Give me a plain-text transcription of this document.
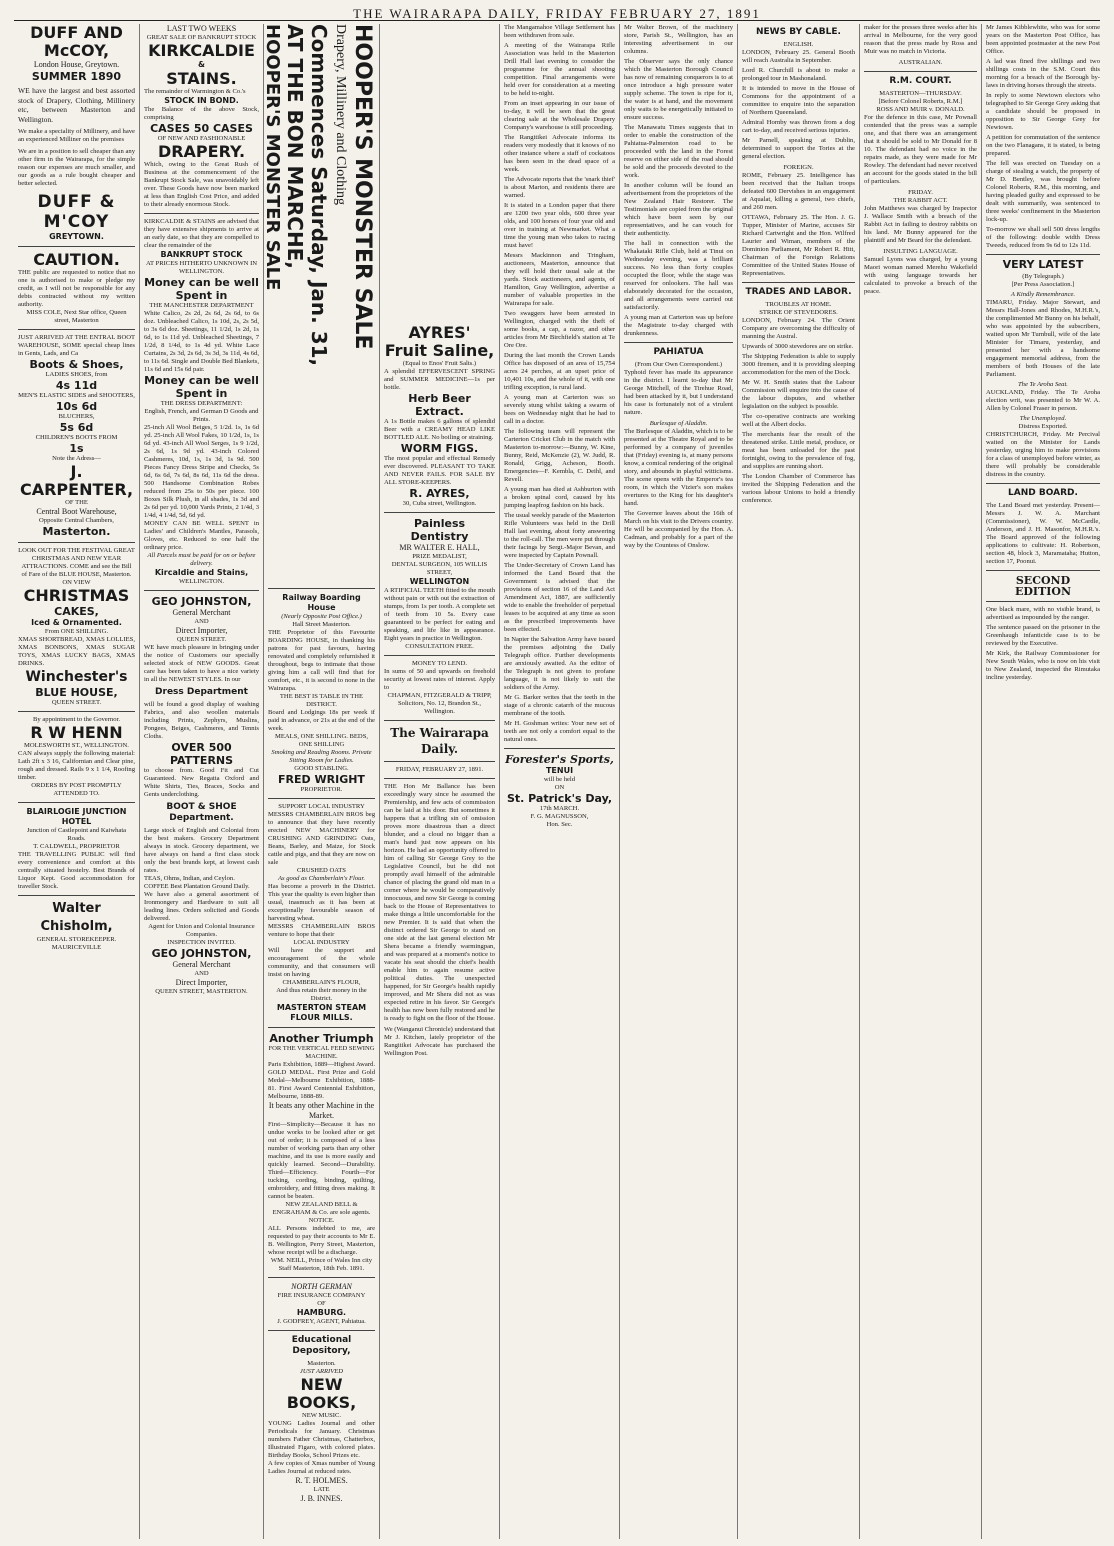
THE WAIRARAPA DAILY, FRIDAY FEBRUARY 27, 1891
DUFF AND McCOY,
London House, Greytown.
SUMMER 1890
WE have the largest and best assorted stock of Drapery, Clothing, Millinery etc, between Masterton and Wellington.
We make a speciality of Millinery, and have an experienced Milliner on the premises
We are in a position to sell cheaper than any other firm in the Wairarapa, for the simple reason our expenses are much smaller, and our goods as a rule bought cheaper and better selected.
DUFF & M'COY
GREYTOWN.
CAUTION.
THE public are requested to notice that no one is authorised to make or pledge my credit, as I will not be responsible for any debts contracted without my written authority.
MISS COLE, Next Star office, Queen street, Masterton
JUST ARRIVED AT THE ENTRAL BOOT WAREHOUSE, SOME special cheap lines in Gents, Lads, and Ca
Boots & Shoes,
LADIES SHOES, from
4s 11d
MEN'S ELASTIC SIDES and SHOOTERS,
10s 6d
BLUCHERS,
5s 6d
CHILDREN'S BOOTS FROM
1s
Note the Adress—
J. CARPENTER,
OF THE
Central Boot Warehouse,
Opposite Central Chambers,
Masterton.
LOOK OUT FOR THE FESTIVAL GREAT CHRISTMAS AND NEW YEAR ATTRACTIONS. COME and see the Bill of Fare of the BLUE HOUSE, Masterton.
ON VIEW
CHRISTMAS
CAKES,
Iced & Ornamented.
From ONE SHILLING.
XMAS SHORTBREAD, XMAS LOLLIES, XMAS BONBONS, XMAS SUGAR TOYS, XMAS LUCKY BAGS, XMAS DRINKS.
Winchester's
BLUE HOUSE,
QUEEN STREET.
By appointment to the Governor.
R W HENN
MOLESWORTH ST., WELLINGTON.
CAN always supply the following material: Lath 2ft x 3 16, Californian and Clear pine, rough and dressed. Rails 9 x 1 1/4, Roofing timber.
ORDERS BY POST PROMPTLY ATTENDED TO.
BLAIRLOGIE JUNCTION HOTEL
Junction of Castlepoint and Kaiwhata Roads.
T. CALDWELL, PROPRIETOR
THE TRAVELLING PUBLIC will find every convenience and comfort at this centrally situated hostelry. Best Brands of Liquor Kept. Good accommodation for traveller Stock.
Walter Chisholm,
GENERAL STOREKEEPER.
MAURICEVILLE
LAST TWO WEEKS
GREAT SALE OF BANKRUPT STOCK
KIRKCALDIE
&
STAINS.
The remainder of Warmington & Co.'s
STOCK IN BOND.
The Balance of the above Stock, comprising
CASES 50 CASES
OF NEW AND FASHIONABLE
DRAPERY.
Which, owing to the Great Rush of Business at the commencement of the Bankrupt Stock Sale, was unavoidably left over. These Goods have now been marked at less than English Cost Price, and added to their already enormous Stock.
KIRKCALDIE & STAINS are advised that they have extensive shipments to arrive at an early date, so that they are compelled to clear the remainder of the
BANKRUPT STOCK
AT PRICES HITHERTO UNKNOWN IN WELLINGTON.
Money can be well Spent in
THE MANCHESTER DEPARTMENT
White Calico, 2s 2d, 2s 6d, 2s 6d, to 6s doz. Unbleached Calico, 1s 10d, 2s, 2s 5d, to 3s 6d doz. Sheetings, 11 1/2d, 1s 2d, 1s 6d, to 1s 11d yd. Unbleached Sheetings, 7 1/2d, 8 1/4d, to 1s 4d yd. White Lace Curtains, 2s 3d, 2s 6d, 3s 3d, 3s 11d, 4s 6d, to 11s 6d. Single and Double Bed Blankets, 11s 6d and 15s 6d pair.
Money can be well Spent in
THE DRESS DEPARTMENT:
English, French, and German D Goods and Prints.
25-inch All Wool Beiges, 5 1/2d. 1s, 1s 6d yd. 25-inch All Wool Fakes, 10 1/2d, 1s, 1s 6d yd. 43-inch All Wool Serges, 1s 9 1/2d, 2s 6d, 1s 9d yd. 43-inch Colored Cashmeres, 10d, 1s, 1s 3d, 1s 9d. 500 Pieces Fancy Dress Stripe and Checks, 5s 6d, 6s 6d, 7s 6d, 8s 6d, 11s 6d the dress. 500 Handsome Combination Robes reduced from 25s to 50s per piece. 100 Boxes Silk Plush, in all shades, 1s 3d and 2s 6d per yd. 10,000 Yards Prints, 2 1/4d, 3 1/4d, 4 1/4d, 5d, 6d yd.
MONEY CAN BE WELL SPENT in Ladies' and Children's Mantles, Parasols, Gloves, etc. Reduced to one half the ordinary price.
All Parcels must be paid for on or before delivery.
Kircaldie and Stains,
WELLINGTON.
GEO JOHNSTON,
General Merchant
AND
Direct Importer,
QUEEN STREET.
WE have much pleasure in bringing under the notice of Customers our specially selected stock of NEW GOODS. Great care has been taken to have a nice variety in all the NEWEST STYLES. In our
Dress Department
will be found a good display of washing Fabrics, and also woollen materials including Prints, Zephyrs, Muslins, Pongees, Beiges, Cashmeres, and Tennis Cloths.
OVER 500 PATTERNS
to choose from. Good Fit and Cut Guaranteed. New Regatta Oxford and White Shirts, Ties, Braces, Socks and Gents underclothing.
BOOT & SHOE Department.
Large stock of English and Colonial from the best makers. Grocery Department always in stock. Grocery department, we have always on hand a first class stock only the best brands kept, at lowest cash rates.
TEAS, Ohms, Indian, and Ceylon.
COFFEE Best Plantation Ground Daily.
We have also a general assortment of Ironmongery and Hardware to suit all leading lines. Orders solicited and Goods delivered.
Agent for Union and Colonial Insurance Companies.
INSPECTION INVITED.
GEO JOHNSTON,
General Merchant
AND
Direct Importer,
QUEEN STREET, MASTERTON.
HOOPER'S MONSTER SALE
Drapery, Millinery and Clothing
Commences Saturday, Jan. 31,
AT THE BON MARCHE,
HOOPER'S MONSTER SALE
Railway Boarding House
(Nearly Opposite Post Office.)
Hall Street Masterton.
THE Proprietor of this Favourite BOARDING HOUSE, in thanking his patrons for past favours, having renovated and completely refurnished it throughout, begs to intimate that those giving him a call will find that for comfort, etc., it is second to none in the Wairarapa.
THE BEST IS TABLE IN THE DISTRICT.
Board and Lodgings 18s per week if paid in advance, or 21s at the end of the week.
MEALS, ONE SHILLING. BEDS, ONE SHILLING
Smoking and Reading Rooms. Private Sitting Room for Ladies.
GOOD STABLING.
FRED WRIGHT
PROPRIETOR.
SUPPORT LOCAL INDUSTRY
MESSRS CHAMBERLAIN BROS beg to announce that they have recently erected NEW MACHINERY for CRUSHING AND GRINDING Oats, Beans, Barley, and Maize, for Stock cattle and pigs, and that they are now on sale
CRUSHED OATS
As good as Chamberlain's Flour.
Has become a proverb in the District. This year the quality is even higher than usual, inasmuch as it has been at exceptionally favourable season of harvesting wheat.
MESSRS CHAMBERLAIN BROS venture to hope that their
LOCAL INDUSTRY
Will have the support and encouragement of the whole community, and that consumers will insist on having
CHAMBERLAIN'S FLOUR,
And thus retain their money in the District.
MASTERTON STEAM
FLOUR MILLS.
Another Triumph
FOR THE VERTICAL FEED SEWING MACHINE.
Paris Exhibition, 1889—Highest Award. GOLD MEDAL. First Prize and Gold Medal—Melbourne Exhibition, 1888-81. First Award Centennial Exhibition, Melbourne, 1888-89.
It beats any other Machine in the Market.
First—Simplicity—Because it has no undue works to be looked after or get out of order; it is composed of a less number of working parts than any other machine, and its use is more easily and quickly learned. Second—Durability. Third—Efficiency. Fourth—For tucking, cording, binding, quilting, embroidery, and fitting drees making. It cannot be beaten.
NEW ZEALAND BELL & ENGRAHAM & Co. are sole agents.
NOTICE.
ALL Persons indebted to me, are requested to pay their accounts to Mr E. B. Wellington, Perry Street, Masterton, whose receipt will be a discharge.
WM. NEILL, Prince of Wales Inn city Staff Masterton, 18th Feb. 1891.
NORTH GERMAN
FIRE INSURANCE COMPANY
OF
HAMBURG.
J. GODFREY, AGENT, Pahiatua.
Educational Depository,
Masterton.
JUST ARRIVED
NEW BOOKS,
NEW MUSIC.
YOUNG Ladies Journal and other Periodicals for January. Christmas numbers Father Christmas, Chatterbox, Illustrated Figaro, with colored plates. Birthday Books, School Prizes etc.
A few copies of Xmas number of Young Ladies Journal at reduced rates.
R. T. HOLMES.
LATE
J. B. INNES.
AYRES'
Fruit Saline,
(Equal to Enos' Fruit Salts.)
A splendid EFFERVESCENT SPRING and SUMMER MEDICINE—1s per bottle.
Herb Beer Extract.
A 1s Bottle makes 6 gallons of splendid Beer with a CREAMY HEAD LIKE BOTTLED ALE. No boiling or straining.
WORM FIGS.
The most popular and effectual Remedy ever discovered. PLEASANT TO TAKE AND NEVER FAILS. FOR SALE BY ALL STORE-KEEPERS.
R. AYRES,
30, Cuba street, Wellington.
Painless Dentistry
MR WALTER E. HALL,
PRIZE MEDALIST,
DENTAL SURGEON, 105 WILLIS STREET,
WELLINGTON
A RTIFICIAL TEETH fitted to the mouth without pain or with out the extraction of stumps, from 1s per tooth. A complete set of teeth from 10 5s. Every case guaranteed to be perfect for eating and speaking, and life like in appearance. Eight years in practice in Wellington.
CONSULTATION FREE.
MONEY TO LEND.
In sums of 50 and upwards on freehold security at lowest rates of interest. Apply to
CHAPMAN, FITZGERALD & TRIPP, Solicitors, No. 12, Brandon St., Wellington.
The Wairarapa Daily.
FRIDAY, FEBRUARY 27, 1891.
THE Hon Mr Ballance has been exceedingly wary since he assumed the Premiership, and few acts of commission can be laid at his door. But sometimes it happens that a trifling sin of omission proves more disastrous than a direct blunder, and a cloud no bigger than a man's hand just now appears on his horizon. He had an opportunity offered to him of calling Sir George Grey to the Legislative Council, but he did not promptly avail himself of the admirable chance of placing the grand old man in a corner where he would be comparatively innocuous, and now Sir George is coming back to the House of Representatives to make things a little uncomfortable for the new Premier. It is said that when the distinct ordered Sir George to stand on one side at the last general election Mr Shera became a friendly warmingpan, and was prepared at a moment's notice to vacate his seat should the chief's health enable him to again resume active political duties. The unexpected happened, for Sir George's health rapidly improved, and Mr Shera did not as was expected retire in his favor. Sir George's health has now been fully restored and he is ready to fight on the floor of the House.
We (Wanganui Chronicle) understand that Mr J. Kitchen, lately proprietor of the Rangitikei Advocate has purchased the Wellington Post.
The Mangamahoe Village Settlement has been withdrawn from sale.
A meeting of the Wairarapa Rifle Association was held in the Masterton Drill Hall last evening to consider the programme for the annual shooting competition. Final arrangements were held over for consideration at a meeting to be held to-night.
From an inset appearing in our issue of to-day, it will be seen that the great clearing sale at the Wholesale Drapery Company's warehouse is still proceeding.
The Rangitikei Advocate informs its readers very modestly that it knows of no other instance where a staff of cockatoos has been seen in the dead space of a week.
The Advocate reports that the 'snark thief' is about Marton, and residents there are warned.
It is stated in a London paper that there are 1200 two year olds, 600 three year olds, and 100 horses of four year old and over in training at Newmarket. What a time the young man who takes to racing must have!
Messrs Mackinnon and Tringham, auctioneers, Masterton, announce that they will hold their usual sale at the yards. Stock auctioneers, and agents, of Hamilton, Gray Wellington, advertise a number of valuable properties in the Wairarapa for sale.
Two swaggers have been arrested in Wellington, charged with the theft of some books, a cap, a razor, and other articles from Mr Birchfield's station at Te Ore Ore.
During the last month the Crown Lands Office has disposed of an area of 15,754 acres 24 perches, at an upset price of 10,401 10s, and the whole of it, with one trifling exception, is rural land.
A young man at Carterton was so severely stung whilst taking a swarm of bees on Wednesday night that he had to call in a doctor.
The following team will represent the Carterton Cricket Club in the match with Masterton to-morrow:—Bunny, W. Kine, Bunny, Reid, McKenzie (2), W. Judd, R. Ronald, Grigg, Acheson, Booth. Emergencies—F. Kembla, C. Deihl, and Revell.
A young man has died at Ashburton with a broken spinal cord, caused by his jumping leapfrog fashion on his back.
The usual weekly parade of the Masterton Rifle Volunteers was held in the Drill Hall last evening, about forty answering to the roll-call. The men were put through their facings by Sergt.-Major Bevan, and were inspected by Captain Pownall.
The Under-Secretary of Crown Land has informed the Land Board that the Government is advised that the provisions of section 16 of the Land Act Amendment Act, 1887, are sufficiently wide to enable the freeholder of perpetual leases to be acquired at any time as soon as the prescribed improvements have been effected.
In Napier the Salvation Army have issued the premises adjoining the Daily Telegraph office. Further developments are anxiously awaited. As the editor of the Telegraph is not given to profane language, it is not likely to suit the soldiers of the Army.
Mr G. Barker writes that the teeth in the stage of a chronic catarrh of the mucous membrane of the tooth.
Mr H. Goshman writes: Your new set of teeth are not only a comfort equal to the natural ones.
Forester's Sports,
TENUI
will be held
ON
St. Patrick's Day,
17th MARCH.
F. G. MAGNUSSON,
Hon. Sec.
Mr Walter Brown, of the machinery store, Parish St., Wellington, has an interesting advertisement in our columns.
The Observer says the only chance which the Masterton Borough Council has now of remaining conquerors is to at once introduce a high pressure water supply scheme. The town is ripe for it, the water is at hand, and the movement only waits to be energetically initiated to ensure success.
The Manawatu Times suggests that in order to enable the construction of the Pahiatua-Palmerston road to be proceeded with the land in the Forest reserve on either side of the road should be sold and the proceeds devoted to the work.
In another column will be found an advertisement from the proprietors of the New Zealand Hair Restorer. The Testimonials are copied from the original which have been seen by our representatives, and he can vouch for their authenticity.
The hall in connection with the Whakataki Rifle Club, held at Tinui on Wednesday evening, was a brilliant success. No less than forty couples occupied the floor, while the stage was reserved for onlookers. The hall was elaborately decorated for the occasion, and all arrangements were carried out satisfactorily.
A young man at Carterton was up before the Magistrate to-day charged with drunkenness.
PAHIATUA
(From Our Own Correspondent.)
Typhoid fever has made its appearance in the district. I learnt to-day that Mr George Mitchell, of the Tirehue Road, had been attacked by it, but I understand his case is fortunately not of a virulent nature.
Burlesque of Aladdin.
The Burlesque of Aladdin, which is to be presented at the Theatre Royal and to be performed by a company of juveniles that (Friday) evening is, at many persons know, a comical rendering of the original story, and abounds in playful witticisms. The scene opens with the Emperor's tea room, in which the Vizier's son makes overtures to the King for his daughter's hand.
The Governor leaves about the 16th of March on his visit to the Drivers country. He will be accompanied by the Hon. A. Cadman, and probably for a part of the way by the Countess of Onslow.
NEWS BY CABLE.
ENGLISH.
LONDON, February 25. General Booth will reach Australia in September.
Lord R. Churchill is about to make a prolonged tour in Mashonaland.
It is intended to move in the House of Commons for the appointment of a committee to enquire into the separation of Northern Queensland.
Admiral Hornby was thrown from a dog cart to-day, and received serious injuries.
Mr Parnell, speaking at Dublin, determined to support the Tories at the general election.
FOREIGN.
ROME, February 25. Intelligence has been received that the Italian troops defeated 600 Dervishes in an engagement at Aqualat, killing a general, two chiefs, and 260 men.
OTTAWA, February 25. The Hon. J. G. Tupper, Minister of Marine, accuses Sir Richard Cartwright and the Hon. Wilfred Laurier and Wiman, members of the Dominion Parliament, Mr Robert R. Hitt, Chairman of the Foreign Relations Committee of the United States House of Representatives.
TRADES AND LABOR.
TROUBLES AT HOME.
STRIKE OF STEVEDORES.
LONDON, February 24. The Orient Company are overcoming the difficulty of manning the Austral.
Upwards of 3000 stevedores are on strike.
The Shipping Federation is able to supply 3000 firemen, and it is providing sleeping accommodation for the men of the Dock.
Mr W. H. Smith states that the Labour Commission will enquire into the cause of the labour disputes, and whether legislation on the subject is possible.
The co-operative contracts are working well at the Albert docks.
The merchants fear the result of the threatened strike. Little metal, produce, or meat has been unloaded for the past fortnight, owing to the prevalence of fog, and supplies are running short.
The London Chamber of Commerce has invited the Shipping Federation and the various labour Unions to hold a friendly conference.
maker for the presses three weeks after his arrival in Melbourne, for the very good reason that the press made by Ross and Muir was no match in Victoria.
AUSTRALIAN.
R.M. COURT.
MASTERTON—THURSDAY.
[Before Colonel Roberts, R.M.]
ROSS AND MUIR v. DONALD.
For the defence in this case, Mr Pownall contended that the press was a sample one, and that there was an arrangement that it should be sold to Mr Donald for 8 10. The defendant had no voice in the repairs made, as they were made for Mr Rowley. The defendant had never received an account for the goods stated in the bill of particulars.
FRIDAY.
THE RABBIT ACT.
John Matthews was charged by Inspector J. Wallace Smith with a breach of the Rabbit Act in failing to destroy rabbits on his land. Mr Bunny appeared for the plaintiff and Mr Beard for the defendant.
INSULTING LANGUAGE.
Samuel Lyons was charged, by a young Maori woman named Merehu Wakefield with using language towards her calculated to provoke a breach of the peace.
Mr James Kibblewhite, who was for some years on the Masterton Post Office, has been appointed postmaster at the new Post Office.
A lad was fined five shillings and two shillings costs in the S.M. Court this morning for a breach of the Borough by-laws in driving horses through the streets.
In reply to some Newtown electors who telegraphed to Sir George Grey asking that a candidate should be proposed in opposition to Sir George Grey for Newtown.
A petition for commutation of the sentence on the two Flanagans, it is stated, is being prepared.
The fell was erected on Tuesday on a charge of stealing a watch, the property of Mr D. Bentley, was brought before Colonel Roberts, R.M., this morning, and having pleaded guilty and expressed to be dealt with summarily, was sentenced to three weeks' confinement in the Masterton lock-up.
To-morrow we shall sell 500 dress lengths of the following: double width Dress Tweeds, reduced from 9s 6d to 12s 11d.
VERY LATEST
(By Telegraph.)
[Per Press Association.]
A Kindly Remembrance.
TIMARU, Friday. Major Stewart, and Messrs Hall-Jones and Rhodes, M.H.R.'s, the complimented Mr Bunny on his behalf, who was appointed by the subscribers, waited upon Mr Turnbull, wife of the late Minister for Timaru, yesterday, and presented her with a handsome engagement memorial address, from the members of both Houses of the late Parliament.
The Te Aroha Seat.
AUCKLAND, Friday. The Te Aroha election writ, was presented to Mr W. A. Allen by Colonel Fraser in person.
The Unemployed.
Distress Exported.
CHRISTCHURCH, Friday. Mr Percival waited on the Minister for Lands yesterday, urging him to make provisions for a class of unemployed before winter, as there will probably be considerable distress in the country.
LAND BOARD.
The Land Board met yesterday. Present—Messrs J. W. A. Marchant (Commissioner), W. W. McCardle, Anderson, and J. H. Masonfor, M.H.R.'s. The Board approved of the following applications to cultivate: H. Robertson, section 48, block 3, Maramataha; Hutton, section 17, Poonui.
SECOND EDITION
One black mare, with no visible brand, is advertised as impounded by the ranger.
The sentence passed on the prisoner in the Greenhaugh infanticide case is to be reviewed by the Executive.
Mr Kirk, the Railway Commissioner for New South Wales, who is now on his visit to New Zealand, inspected the Rimutaka incline yesterday.
